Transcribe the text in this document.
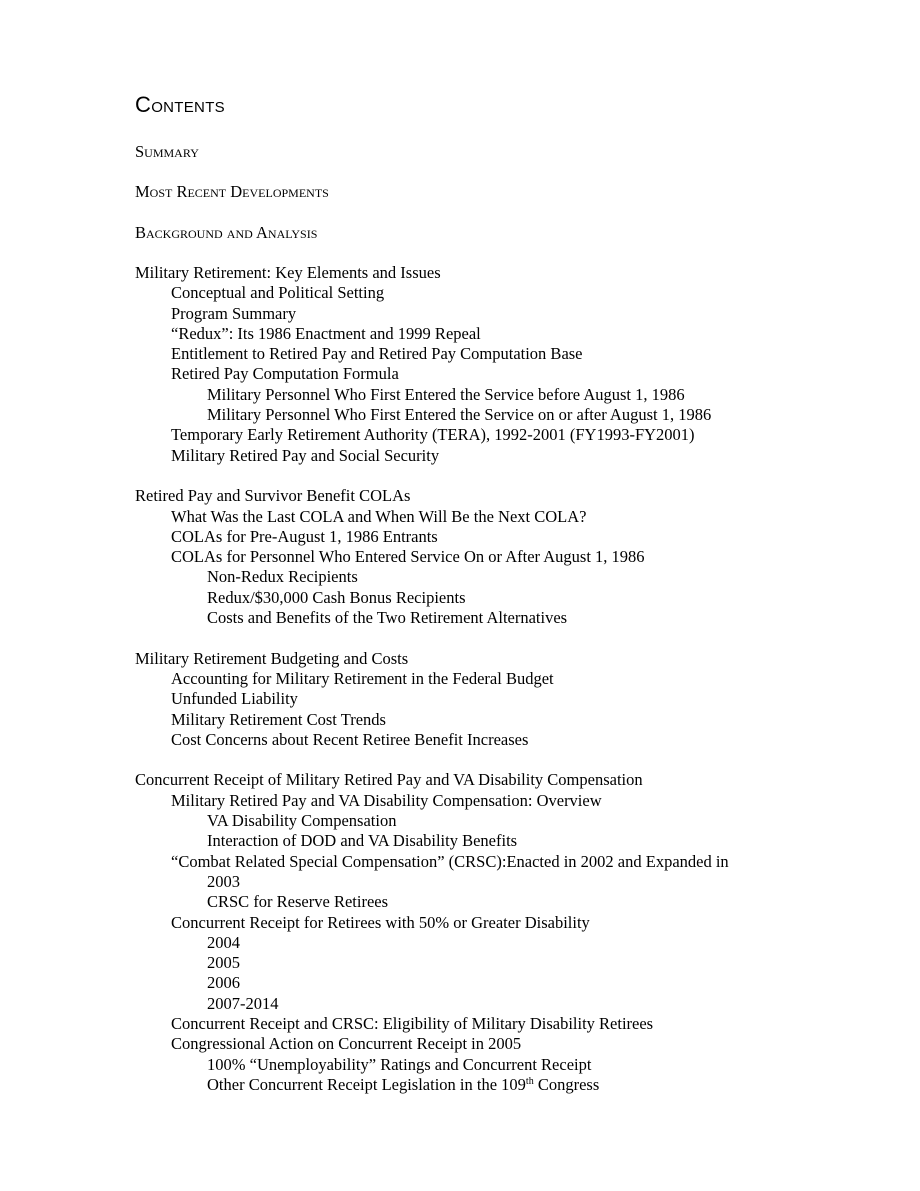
Contents
Summary
Most Recent Developments
Background and Analysis
Military Retirement: Key Elements and Issues
Conceptual and Political Setting
Program Summary
“Redux”: Its 1986 Enactment and 1999 Repeal
Entitlement to Retired Pay and Retired Pay Computation Base
Retired Pay Computation Formula
Military Personnel Who First Entered the Service before August 1, 1986
Military Personnel Who First Entered the Service on or after August 1, 1986
Temporary Early Retirement Authority (TERA), 1992-2001 (FY1993-FY2001)
Military Retired Pay and Social Security
Retired Pay and Survivor Benefit COLAs
What Was the Last COLA and When Will Be the Next COLA?
COLAs for Pre-August 1, 1986 Entrants
COLAs for Personnel Who Entered Service On or After August 1, 1986
Non-Redux Recipients
Redux/$30,000 Cash Bonus Recipients
Costs and Benefits of the Two Retirement Alternatives
Military Retirement Budgeting and Costs
Accounting for Military Retirement in the Federal Budget
Unfunded Liability
Military Retirement Cost Trends
Cost Concerns about Recent Retiree Benefit Increases
Concurrent Receipt of Military Retired Pay and VA Disability Compensation
Military Retired Pay and VA Disability Compensation: Overview
VA Disability Compensation
Interaction of DOD and VA Disability Benefits
“Combat Related Special Compensation” (CRSC):Enacted in 2002 and Expanded in
2003
CRSC for Reserve Retirees
Concurrent Receipt for Retirees with 50% or Greater Disability
2004
2005
2006
2007-2014
Concurrent Receipt and CRSC: Eligibility of Military Disability Retirees
Congressional Action on Concurrent Receipt in 2005
100% “Unemployability” Ratings and Concurrent Receipt
Other Concurrent Receipt Legislation in the 109th Congress
